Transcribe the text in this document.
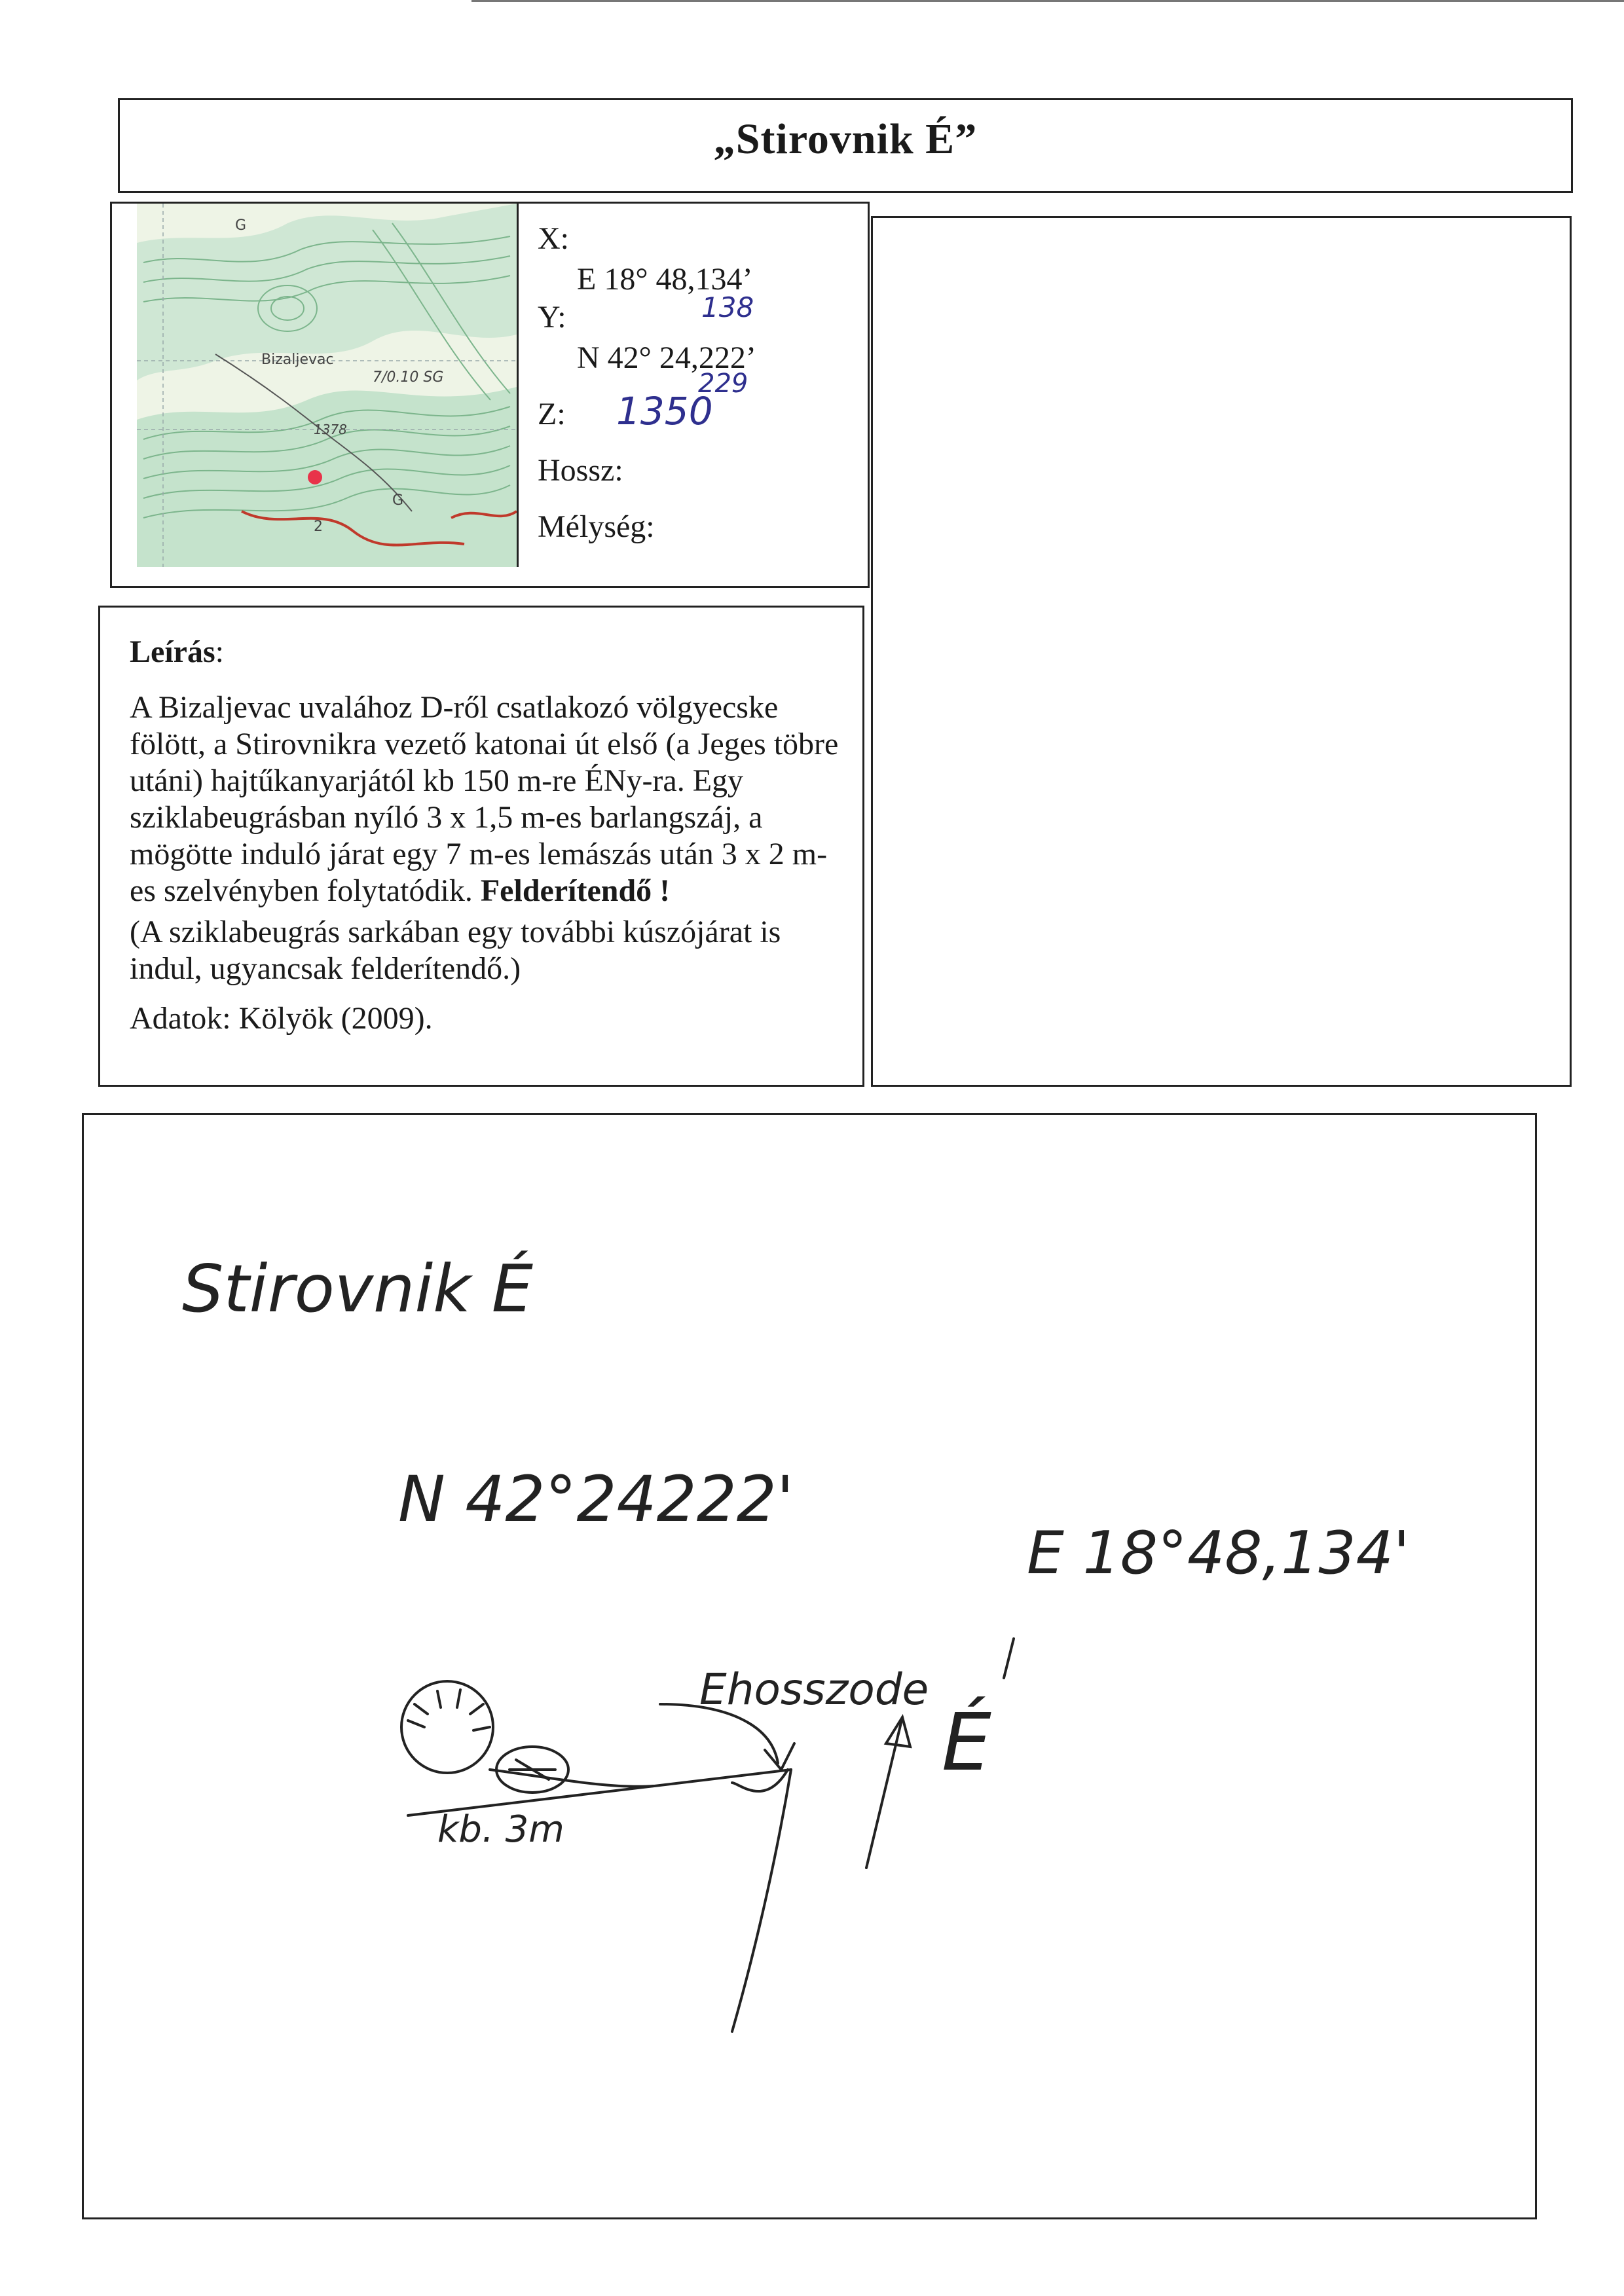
„Stirovnik É”
Bizaljevac
7/0.10 SG
1378
2
G
G	X:
E 18° 48,134’
Y:	138
N 42° 24,222’
Z: 1350
229
Hossz:
Mélység:
Leírás:
A Bizaljevac uvalához D-ről csatlakozó völgyecske fölött, a Stirovnikra vezető katonai út első (a Jeges töbre utáni) hajtűkanyarjától kb 150 m-re ÉNy-ra. Egy sziklabeugrásban nyíló 3 x 1,5 m-es barlangszáj, a mögötte induló járat egy 7 m-es lemászás után 3 x 2 m-es szelvényben folytatódik. Felderítendő !
(A sziklabeugrás sarkában egy további kúszójárat is indul, ugyancsak felderítendő.)
Adatok: Kölyök (2009).
Stirovnik É
N 42°24222'
E 18°48,134'
Ehosszode
É
kb. 3m
